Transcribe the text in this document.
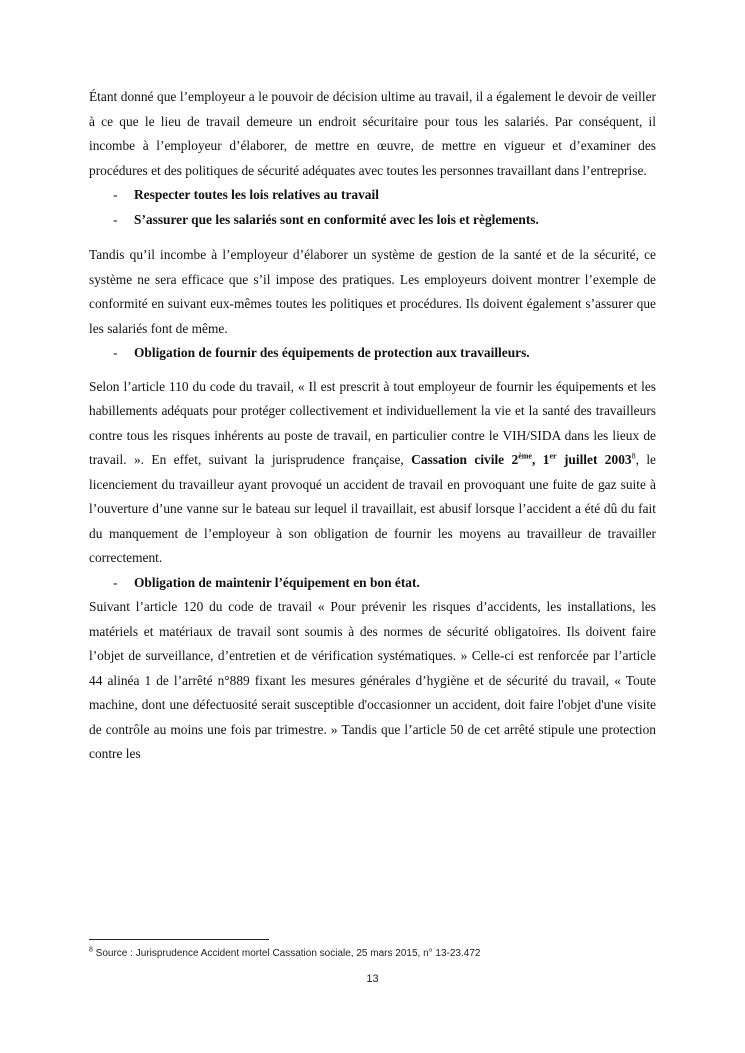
Étant donné que l’employeur a le pouvoir de décision ultime au travail, il a également le devoir de veiller à ce que le lieu de travail demeure un endroit sécuritaire pour tous les salariés. Par conséquent, il incombe à l’employeur d’élaborer, de mettre en œuvre, de mettre en vigueur et d’examiner des procédures et des politiques de sécurité adéquates avec toutes les personnes travaillant dans l’entreprise.

- Respecter toutes les lois relatives au travail
- S’assurer que les salariés sont en conformité avec les lois et règlements.

Tandis qu’il incombe à l’employeur d’élaborer un système de gestion de la santé et de la sécurité, ce système ne sera efficace que s’il impose des pratiques. Les employeurs doivent montrer l’exemple de conformité en suivant eux-mêmes toutes les politiques et procédures. Ils doivent également s’assurer que les salariés font de même.

- Obligation de fournir des équipements de protection aux travailleurs.

Selon l’article 110 du code du travail, « Il est prescrit à tout employeur de fournir les équipements et les habillements adéquats pour protéger collectivement et individuellement la vie et la santé des travailleurs contre tous les risques inhérents au poste de travail, en particulier contre le VIH/SIDA dans les lieux de travail. ». En effet, suivant la jurisprudence française, Cassation civile 2ème, 1er juillet 2003$^8$, le licenciement du travailleur ayant provoqué un accident de travail en provoquant une fuite de gaz suite à l’ouverture d’une vanne sur le bateau sur lequel il travaillait, est abusif lorsque l’accident a été dû du fait du manquement de l’employeur à son obligation de fournir les moyens au travailleur de travailler correctement.

- Obligation de maintenir l’équipement en bon état.

Suivant l’article 120 du code de travail « Pour prévenir les risques d’accidents, les installations, les matériels et matériaux de travail sont soumis à des normes de sécurité obligatoires. Ils doivent faire l’objet de surveillance, d’entretien et de vérification systématiques. » Celle-ci est renforcée par l’article 44 alinéa 1 de l’arrêté n°889 fixant les mesures générales d’hygiène et de sécurité du travail, « Toute machine, dont une défectuosité serait susceptible d'occasionner un accident, doit faire l'objet d'une visite de contrôle au moins une fois par trimestre. » Tandis que l’article 50 de cet arrêté stipule une protection contre les

$^8$ Source : Jurisprudence Accident mortel Cassation sociale, 25 mars 2015, n° 13-23.472
13
